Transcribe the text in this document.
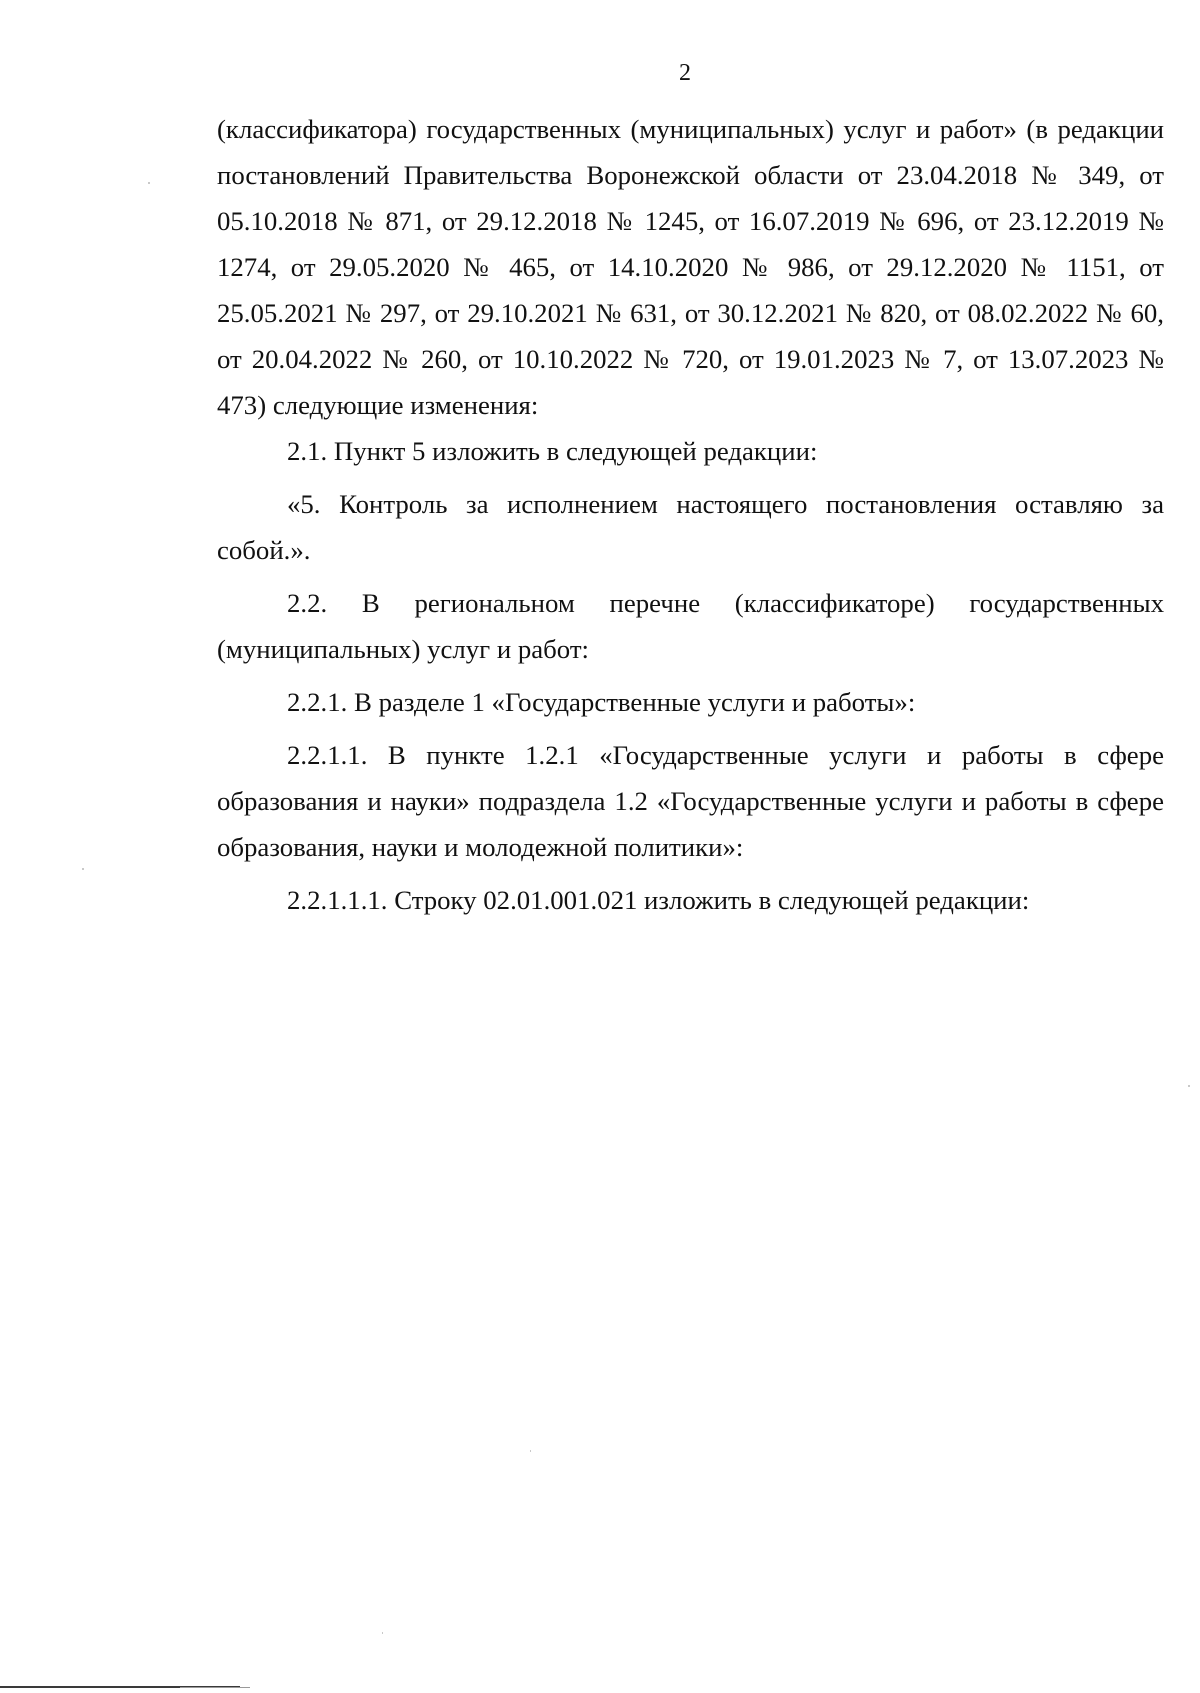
2

(классификатора) государственных (муниципальных) услуг и работ» (в редакции постановлений Правительства Воронежской области от 23.04.2018 № 349, от 05.10.2018 № 871, от 29.12.2018 № 1245, от 16.07.2019 № 696, от 23.12.2019 № 1274, от 29.05.2020 № 465, от 14.10.2020 № 986, от 29.12.2020 № 1151, от 25.05.2021 № 297, от 29.10.2021 № 631, от 30.12.2021 № 820, от 08.02.2022 № 60, от 20.04.2022 № 260, от 10.10.2022 № 720, от 19.01.2023 № 7, от 13.07.2023 № 473) следующие изменения:

2.1. Пункт 5 изложить в следующей редакции:

«5. Контроль за исполнением настоящего постановления оставляю за собой.».

2.2. В региональном перечне (классификаторе) государственных (муниципальных) услуг и работ:

2.2.1. В разделе 1 «Государственные услуги и работы»:

2.2.1.1. В пункте 1.2.1 «Государственные услуги и работы в сфере образования и науки» подраздела 1.2 «Государственные услуги и работы в сфере образования, науки и молодежной политики»:

2.2.1.1.1. Строку 02.01.001.021 изложить в следующей редакции:
